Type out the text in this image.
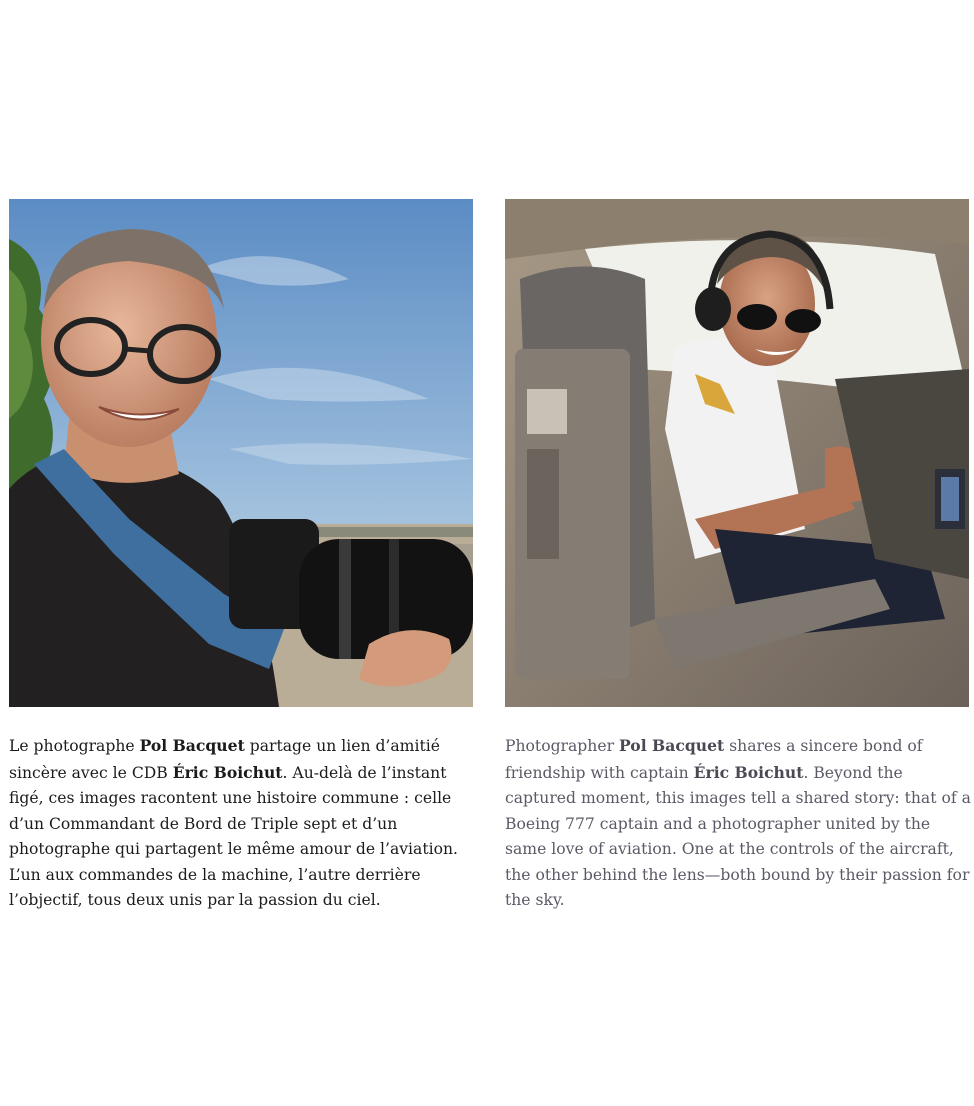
Le photographe Pol Bacquet partage un lien d’amitié sincère avec le CDB Éric Boichut. Au-delà de l’instant figé, ces images racontent une histoire commune : celle d’un Commandant de Bord de Triple sept et d’un photographe qui partagent le même amour de l’aviation. L’un aux commandes de la machine, l’autre derrière l’objectif, tous deux unis par la passion du ciel.

Photographer Pol Bacquet shares a sincere bond of friendship with captain Éric Boichut. Beyond the captured moment, this images tell a shared story: that of a Boeing 777 captain and a photographer united by the same love of aviation. One at the controls of the aircraft, the other behind the lens—both bound by their passion for the sky.
